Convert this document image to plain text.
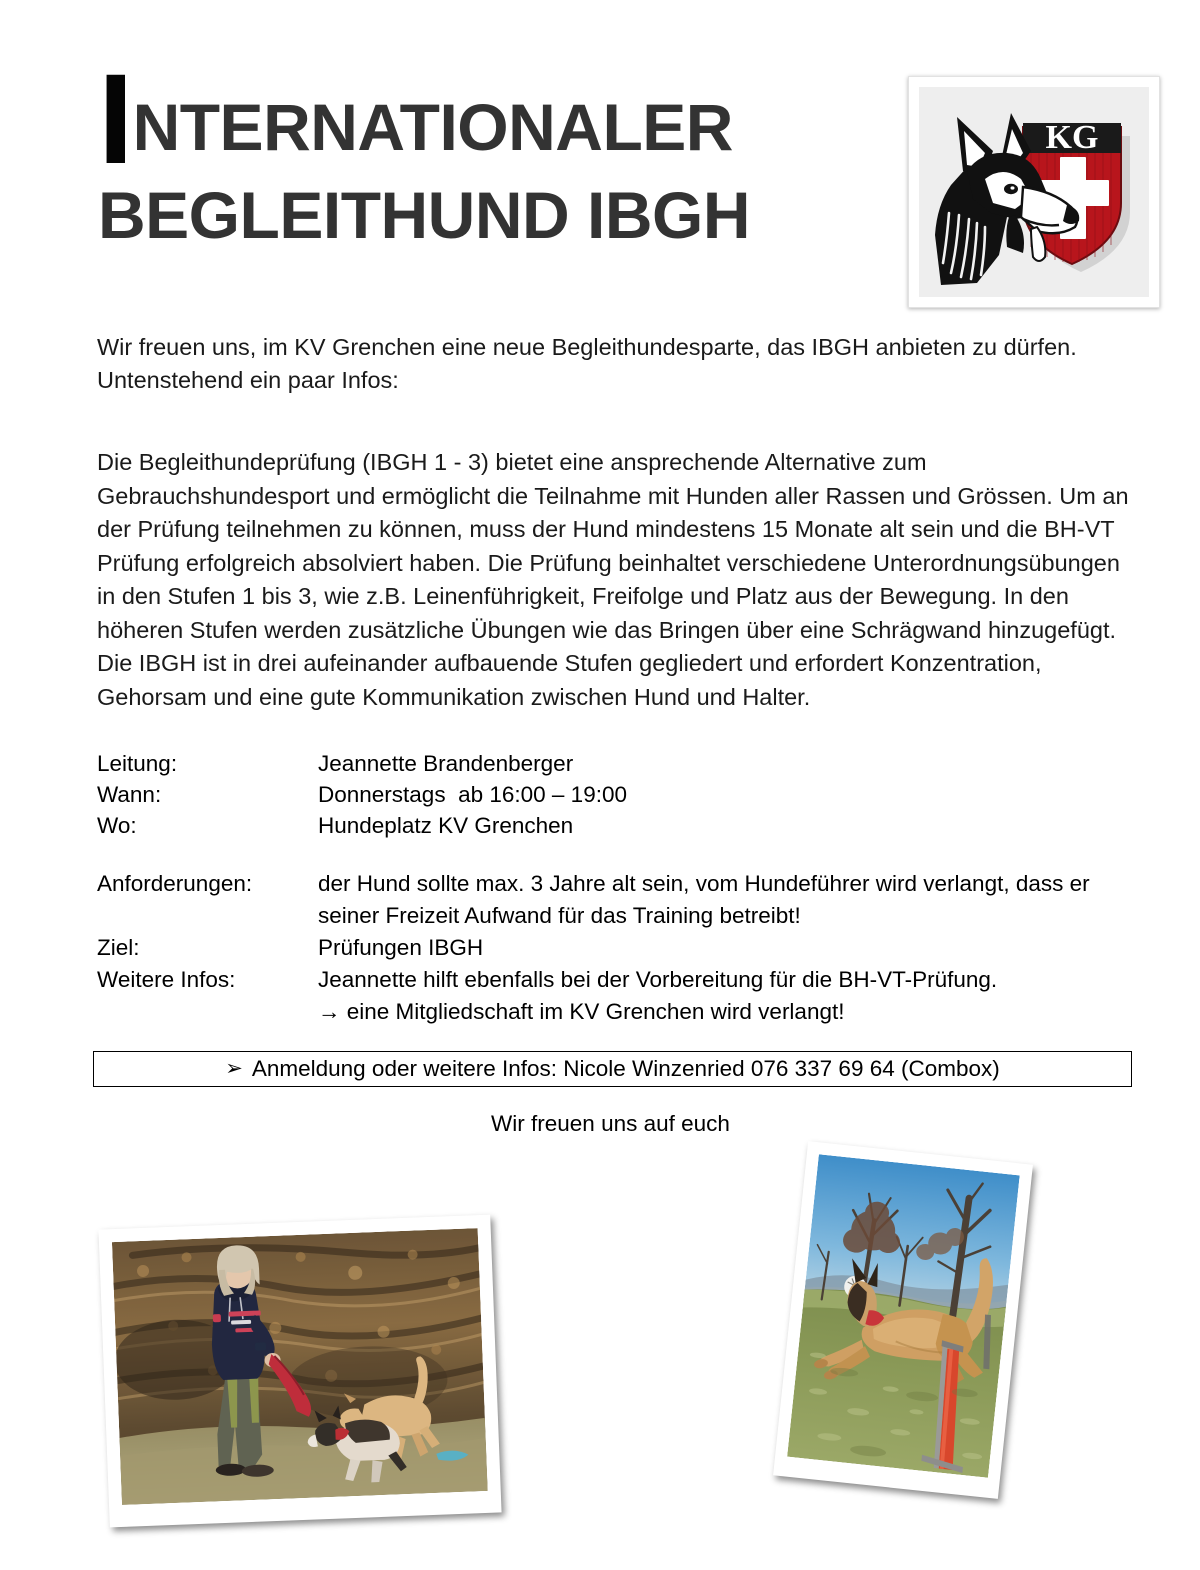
INTERNATIONALER
BEGLEITHUND IBGH
KG
Wir freuen uns, im KV Grenchen eine neue Begleithundesparte, das IBGH anbieten zu dürfen. Untenstehend ein paar Infos:
Die Begleithundeprüfung (IBGH 1 - 3) bietet eine ansprechende Alternative zum Gebrauchshundesport und ermöglicht die Teilnahme mit Hunden aller Rassen und Grössen. Um an der Prüfung teilnehmen zu können, muss der Hund mindestens 15 Monate alt sein und die BH-VT Prüfung erfolgreich absolviert haben. Die Prüfung beinhaltet verschiedene Unterordnungsübungen in den Stufen 1 bis 3, wie z.B. Leinenführigkeit, Freifolge und Platz aus der Bewegung. In den höheren Stufen werden zusätzliche Übungen wie das Bringen über eine Schrägwand hinzugefügt. Die IBGH ist in drei aufeinander aufbauende Stufen gegliedert und erfordert Konzentration, Gehorsam und eine gute Kommunikation zwischen Hund und Halter.
Leitung:	Jeannette Brandenberger
Wann:	Donnerstags  ab 16:00 – 19:00
Wo:	Hundeplatz KV Grenchen
Anforderungen:	der Hund sollte max. 3 Jahre alt sein, vom Hundeführer wird verlangt, dass er seiner Freizeit Aufwand für das Training betreibt!
Ziel:	Prüfungen IBGH
Weitere Infos:	Jeannette hilft ebenfalls bei der Vorbereitung für die BH-VT-Prüfung.
→ eine Mitgliedschaft im KV Grenchen wird verlangt!
➢ Anmeldung oder weitere Infos: Nicole Winzenried 076 337 69 64 (Combox)
Wir freuen uns auf euch
